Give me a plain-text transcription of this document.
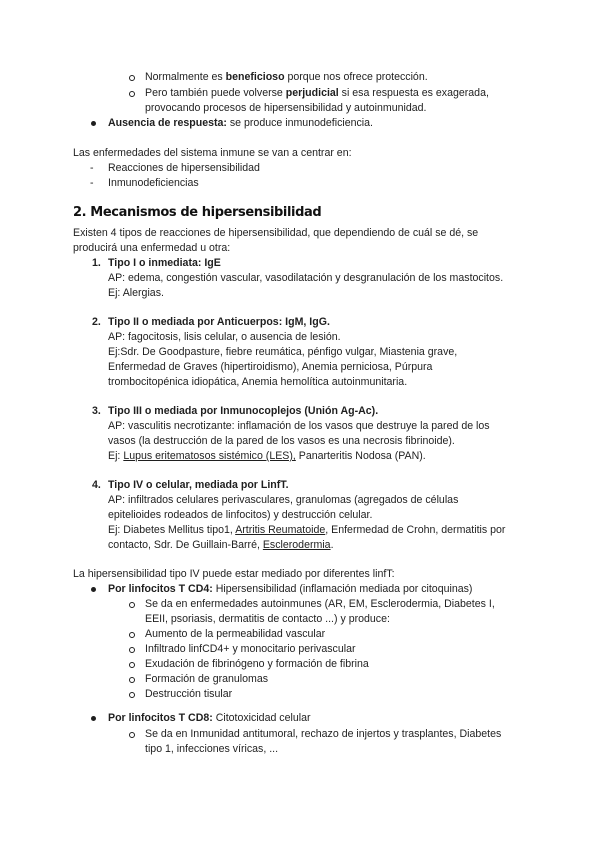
Normalmente es beneficioso porque nos ofrece protección.
Pero también puede volverse perjudicial si esa respuesta es exagerada,
provocando procesos de hipersensibilidad y autoinmunidad.
Ausencia de respuesta: se produce inmunodeficiencia.
Las enfermedades del sistema inmune se van a centrar en:
- Reacciones de hipersensibilidad
- Inmunodeficiencias
2. Mecanismos de hipersensibilidad
Existen 4 tipos de reacciones de hipersensibilidad, que dependiendo de cuál se dé, se
producirá una enfermedad u otra:
1. Tipo I o inmediata: IgE
AP: edema, congestión vascular, vasodilatación y desgranulación de los mastocitos.
Ej: Alergias.
2. Tipo II o mediada por Anticuerpos: IgM, IgG.
AP: fagocitosis, lisis celular, o ausencia de lesión.
Ej:Sdr. De Goodpasture, fiebre reumática, pénfigo vulgar, Miastenia grave,
Enfermedad de Graves (hipertiroidismo), Anemia perniciosa, Púrpura
trombocitopénica idiopática, Anemia hemolítica autoinmunitaria.
3. Tipo III o mediada por Inmunocoplejos (Unión Ag-Ac).
AP: vasculitis necrotizante: inflamación de los vasos que destruye la pared de los
vasos (la destrucción de la pared de los vasos es una necrosis fibrinoide).
Ej: Lupus eritematosos sistémico (LES), Panarteritis Nodosa (PAN).
4. Tipo IV o celular, mediada por LinfT.
AP: infiltrados celulares perivasculares, granulomas (agregados de células
epitelioides rodeados de linfocitos) y destrucción celular.
Ej: Diabetes Mellitus tipo1, Artritis Reumatoide, Enfermedad de Crohn, dermatitis por
contacto, Sdr. De Guillain-Barré, Esclerodermia.
La hipersensibilidad tipo IV puede estar mediado por diferentes linfT:
Por linfocitos T CD4: Hipersensibilidad (inflamación mediada por citoquinas)
Se da en enfermedades autoinmunes (AR, EM, Esclerodermia, Diabetes I,
EEII, psoriasis, dermatitis de contacto ...) y produce:
Aumento de la permeabilidad vascular
Infiltrado linfCD4+ y monocitario perivascular
Exudación de fibrinógeno y formación de fibrina
Formación de granulomas
Destrucción tisular
Por linfocitos T CD8: Citotoxicidad celular
Se da en Inmunidad antitumoral, rechazo de injertos y trasplantes, Diabetes
tipo 1, infecciones víricas, ...
